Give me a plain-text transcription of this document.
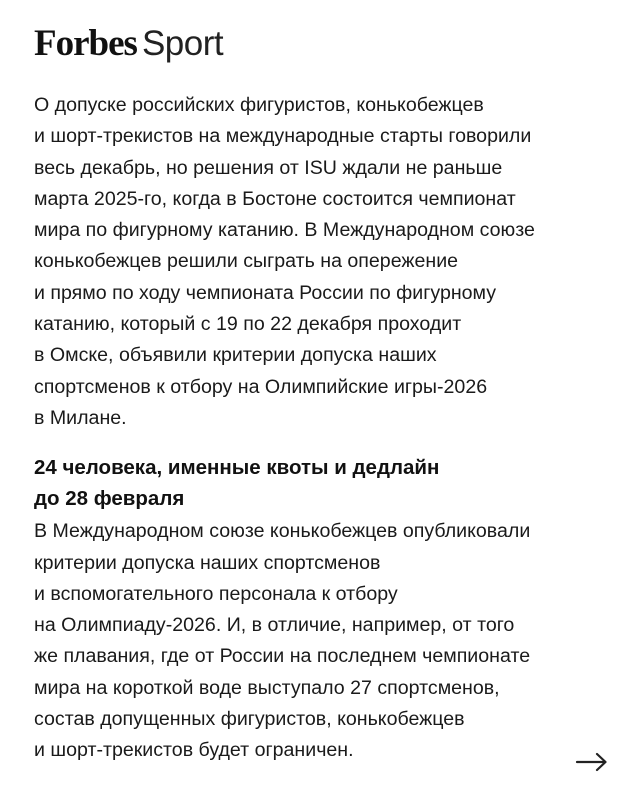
Forbes Sport

О допуске российских фигуристов, конькобежцев
и шорт-трекистов на международные старты говорили
весь декабрь, но решения от ISU ждали не раньше
марта 2025-го, когда в Бостоне состоится чемпионат
мира по фигурному катанию. В Международном союзе
конькобежцев решили сыграть на опережение
и прямо по ходу чемпионата России по фигурному
катанию, который с 19 по 22 декабря проходит
в Омске, объявили критерии допуска наших
спортсменов к отбору на Олимпийские игры-2026
в Милане.

24 человека, именные квоты и дедлайн
до 28 февраля

В Международном союзе конькобежцев опубликовали
критерии допуска наших спортсменов
и вспомогательного персонала к отбору
на Олимпиаду-2026. И, в отличие, например, от того
же плавания, где от России на последнем чемпионате
мира на короткой воде выступало 27 спортсменов,
состав допущенных фигуристов, конькобежцев
и шорт-трекистов будет ограничен.
